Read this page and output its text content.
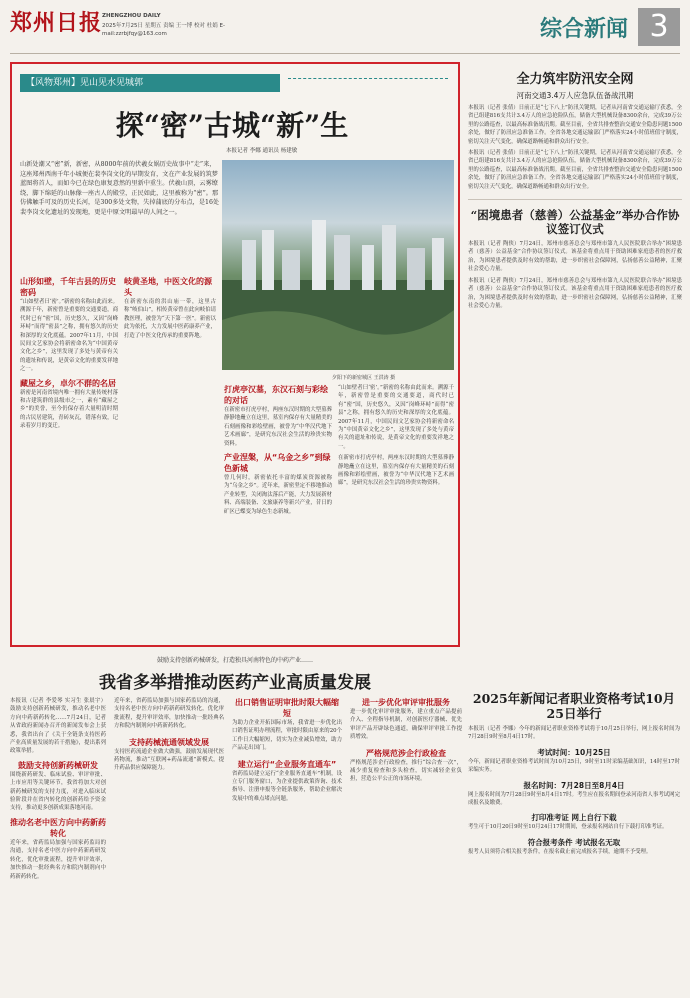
郑州日报 ZHENGZHOU DAILY
2025年7月25日 星期五 责编 王一博 校对 杜娟 E-mail:zzrbjfqy@163.com	综合新闻 3
【风物郑州】见山见水见城郭
探“密”古城“新”生
本报记者 李娜 通讯员 杨建敏
山新处潮又“密”新，新密，从8000年前的伏羲女娲历史故事中“走”来，这座郑州西南千年小城便在裴李岗文化的早期发育，文在产业发展的筑梦蓝图将首人，而如今已在绿色康复意然的里新中重生。伏羲山顶，云雾缭绕，脚下绵延的山脉像一座古人的殿堂，正民如此，这里被称为“密”。那仿佛触手可及的历史长河，是300多处文物，失掉蒲底的分布点，是16处裴李岗文化遗址的发现地，更是中原文明最早的人间之一。
夕阳下的新密城区 王洪涛 摄
山形如壁，千年古县的历史密码
“山如壁者曰‘密’。”新密的名称由此而来。溯源千年，新密曾是重要的交通要道，商代时已有“密”国，历史悠久，又因“岗峰环峙”而得“密县”之称，拥有悠久的历史和深厚的文化底蕴。2007年11月，中国民间文艺家协会将新密命名为“中国黄帝文化之乡”，这里发现了多处与黄帝有关的遗址和传说，是黄帝文化的重要发祥地之一。
藏屋之乡，卓尔不群的名居
新密是河南省境内唯一拥有大量传统村落和古建筑群的县级市之一，素有“藏屋之乡”的美誉，至今仍保存着大量明清时期的古民居建筑，青砖灰瓦，错落有致，记录着岁月的变迁。
岐黄圣地，中医文化的源头
在新密东南的洪山庙一带，这里古称“岐伯山”，相传黄帝曾在此向岐伯请教医理，被誉为“天下第一医”。新密以此为依托，大力发展中医药康养产业，打造了中医文化传承的重要阵地。
打虎亭汉墓，东汉石刻与彩绘的对话
在新密市打虎亭村，两座东汉时期的大型墓葬静静地矗立在这里，墓室内保存有大量精美的石刻画像和彩绘壁画，被誉为“中华汉代地下艺术画廊”，是研究东汉社会生活的珍贵实物资料。
产业涅槃，从“乌金之乡”到绿色新城
曾几何时，新密依托丰富的煤炭资源被称为“乌金之乡”。近年来，新密坚定不移地推动产业转型，关闭淘汰落后产能，大力发展新材料、高端装备、文旅康养等新兴产业，昔日的矿区已蝶变为绿色生态新城。
“山如壁者曰‘密’。”新密的名称由此而来。溯源千年，新密曾是重要的交通要道，商代时已有“密”国，历史悠久，又因“岗峰环峙”而得“密县”之称，拥有悠久的历史和深厚的文化底蕴。2007年11月，中国民间文艺家协会将新密命名为“中国黄帝文化之乡”，这里发现了多处与黄帝有关的遗址和传说，是黄帝文化的重要发祥地之一。
在新密市打虎亭村，两座东汉时期的大型墓葬静静地矗立在这里，墓室内保存有大量精美的石刻画像和彩绘壁画，被誉为“中华汉代地下艺术画廊”，是研究东汉社会生活的珍贵实物资料。
全力筑牢防汛安全网
河南交通3.4万人应急队伍备战汛期
本报讯（记者 张倩）日前正是“七下八上”防汛关键期，记者从河南省交通运输厅获悉，全省已组建816支共计3.4万人的应急抢险队伍，储备大型机械设备8300余台，完成39万公里的公路巡查，以最高标准备战汛期。截至目前，全省共排查整治交通安全隐患问题1500余处，做好了防汛应急准备工作。全省各地交通运输部门严格落实24小时值班值守制度，密切关注天气变化，确保道路畅通和群众出行安全。
本报讯（记者 张倩）日前正是“七下八上”防汛关键期，记者从河南省交通运输厅获悉，全省已组建816支共计3.4万人的应急抢险队伍，储备大型机械设备8300余台，完成39万公里的公路巡查，以最高标准备战汛期。截至目前，全省共排查整治交通安全隐患问题1500余处，做好了防汛应急准备工作。全省各地交通运输部门严格落实24小时值班值守制度，密切关注天气变化，确保道路畅通和群众出行安全。
“困境患者（慈善）公益基金”举办合作协议签订仪式
本报讯（记者 陶侠）7月24日，郑州市慈善总会与郑州市第九人民医院联合举办“困境患者（慈善）公益基金”合作协议签订仪式。该基金将重点用于资助困难家庭患者的医疗救治，为困境患者提供及时有效的帮助，进一步织密社会保障网，弘扬慈善公益精神，汇聚社会爱心力量。
本报讯（记者 陶侠）7月24日，郑州市慈善总会与郑州市第九人民医院联合举办“困境患者（慈善）公益基金”合作协议签订仪式。该基金将重点用于资助困难家庭患者的医疗救治，为困境患者提供及时有效的帮助，进一步织密社会保障网，弘扬慈善公益精神，汇聚社会爱心力量。
鼓励支持创新药械研发，打造独具河南特色的中药产业……
我省多举措推动医药产业高质量发展
本报讯（记者 李爱琴 实习生 张晨宇）鼓励支持创新药械研发，推动名老中医方向中药新药转化……7月24日，记者从省政府新闻办召开的新闻发布会上获悉，我省出台了《关于全链条支持医药产业高质量发展的若干措施》，提出系列政策举措。
鼓励支持创新药械研发
围绕新药研发、临床试验、审评审批、上市应用等关键环节，我省将加大对创新药械研发的支持力度，对进入临床试验阶段并在省内转化的创新药给予资金支持，推动更多创新成果落地河南。
推动名老中医方向中药新药转化
近年来，省药监局加强与国家药监局的沟通，支持名老中医方向中药新药研发转化，优化审批流程，提升审评效率，加快推动一批经典名方和院内制剂向中药新药转化。
近年来，省药监局加强与国家药监局的沟通，支持名老中医方向中药新药研发转化，优化审批流程，提升审评效率，加快推动一批经典名方和院内制剂向中药新药转化。
支持药械流通领域发展
支持医药流通企业做大做强，鼓励发展现代医药物流，推动“互联网+药品流通”新模式，提升药品供应保障能力。
出口销售证明审批时限大幅缩短
为助力企业开拓国际市场，我省进一步优化出口销售证明办理流程，审批时限由原来的20个工作日大幅缩短，切实为企业减负增效，助力产品走出国门。
建立运行“企业服务直通车”
省药监局建立运行“企业服务直通车”机制，设立专门服务窗口，为企业提供政策咨询、技术指导、注册申报等全链条服务，帮助企业解决发展中的难点堵点问题。
进一步优化审评审批服务
进一步优化审评审批服务，建立重点产品提前介入、全程指导机制，对创新医疗器械、优先审评产品开辟绿色通道，确保审评审批工作提质增效。
严格规范涉企行政检查
严格规范涉企行政检查，推行“综合查一次”，减少重复检查和多头检查，切实减轻企业负担，营造公平公正的市场环境。
2025年新闻记者职业资格考试10月25日举行
本报讯（记者 李娜）今年的新闻记者职业资格考试将于10月25日举行，网上报名时间为7月28日9时至8月4日17时。
考试时间：10月25日
今年，新闻记者职业资格考试时间为10月25日，9时至11时采编基础知识，14时至17时采编实务。
报名时间：7月28日至8月4日
网上报名时间为7月28日9时至8月4日17时。考生应在报名期间登录河南省人事考试网完成报名及缴费。
打印准考证 网上自行下载
考生可于10月20日9时至10月24日17时期间，登录报名网站自行下载打印准考证。
符合报考条件 考试报名无取
报考人员须符合相关报考条件，在报名截止前完成报名手续，逾期不予受理。
